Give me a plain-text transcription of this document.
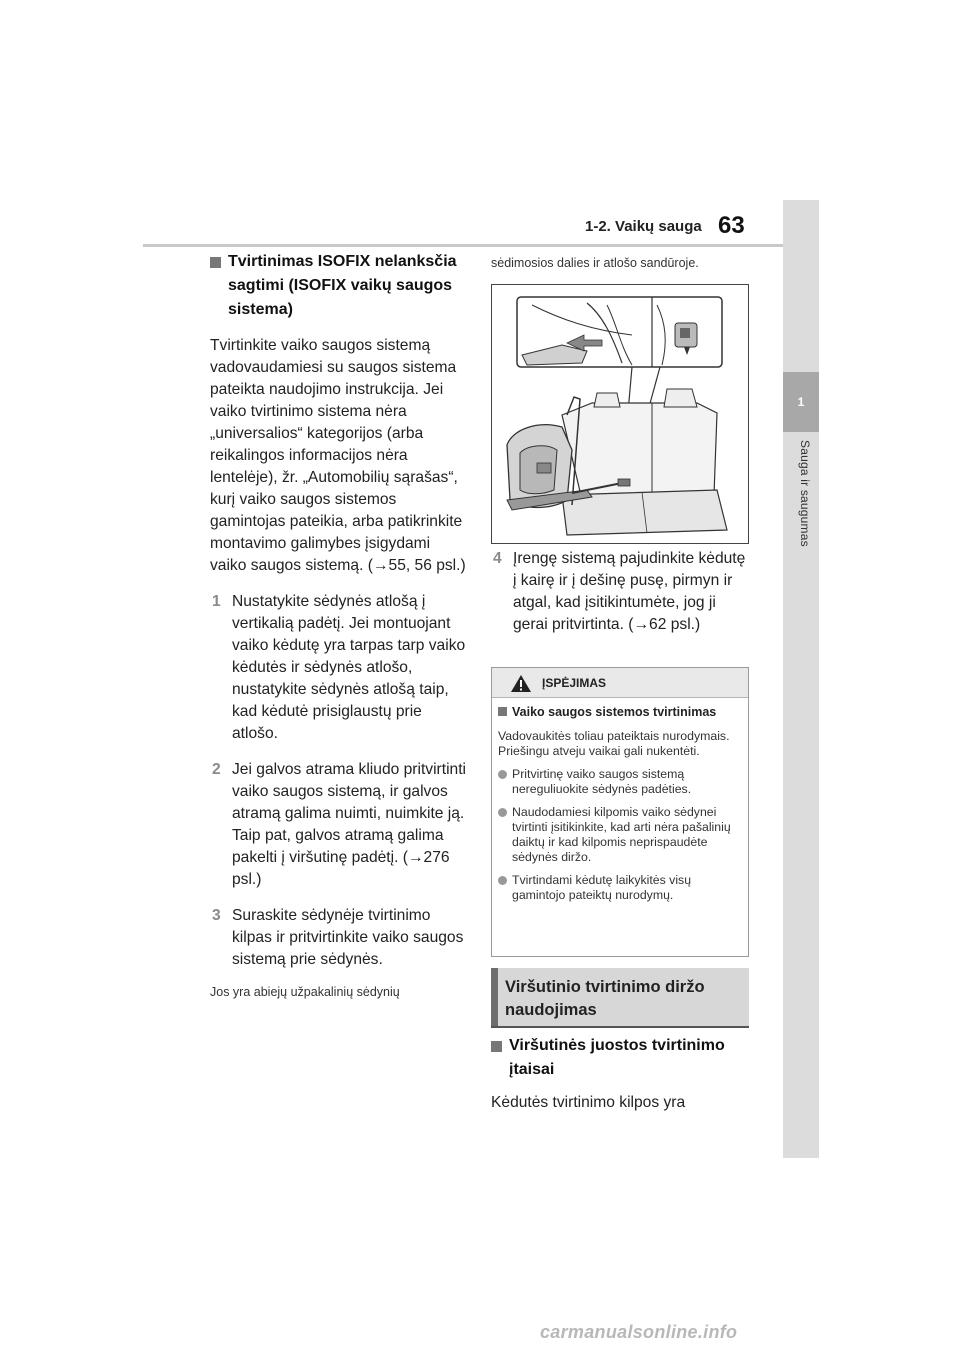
1-2. Vaikų sauga 63
1
Sauga ir saugumas
Tvirtinimas ISOFIX nelanksčia sagtimi (ISOFIX vaikų saugos sistema)

Tvirtinkite vaiko saugos sistemą vadovaudamiesi su saugos sistema pateikta naudojimo instrukcija. Jei vaiko tvirtinimo sistema nėra „universalios“ kategorijos (arba reikalingos informacijos nėra lentelėje), žr. „Automobilių sąrašas“, kurį vaiko saugos sistemos gamintojas pateikia, arba patikrinkite montavimo galimybes įsigydami vaiko saugos sistemą. (→55, 56 psl.)

1 Nustatykite sėdynės atlošą į vertikalią padėtį. Jei montuojant vaiko kėdutę yra tarpas tarp vaiko kėdutės ir sėdynės atlošo, nustatykite sėdynės atlošą taip, kad kėdutė prisiglaustų prie atlošo.
2 Jei galvos atrama kliudo pritvirtinti vaiko saugos sistemą, ir galvos atramą galima nuimti, nuimkite ją. Taip pat, galvos atramą galima pakelti į viršutinę padėtį. (→276 psl.)
3 Suraskite sėdynėje tvirtinimo kilpas ir pritvirtinkite vaiko saugos sistemą prie sėdynės.

Jos yra abiejų užpakalinių sėdynių

sėdimosios dalies ir atlošo sandūroje.

4 Įrengę sistemą pajudinkite kėdutę į kairę ir į dešinę pusę, pirmyn ir atgal, kad įsitikintumėte, jog ji gerai pritvirtinta. (→62 psl.)
ĮSPĖJIMAS
Vaiko saugos sistemos tvirtinimas

Vadovaukitės toliau pateiktais nurodymais. Priešingu atveju vaikai gali nukentėti.

Pritvirtinę vaiko saugos sistemą nereguliuokite sėdynės padėties.
Naudodamiesi kilpomis vaiko sėdynei tvirtinti įsitikinkite, kad arti nėra pašalinių daiktų ir kad kilpomis neprispaudėte sėdynės diržo.
Tvirtindami kėdutę laikykitės visų gamintojo pateiktų nurodymų.
Viršutinio tvirtinimo diržo naudojimas
Viršutinės juostos tvirtinimo įtaisai

Kėdutės tvirtinimo kilpos yra

carmanualsonline.info
